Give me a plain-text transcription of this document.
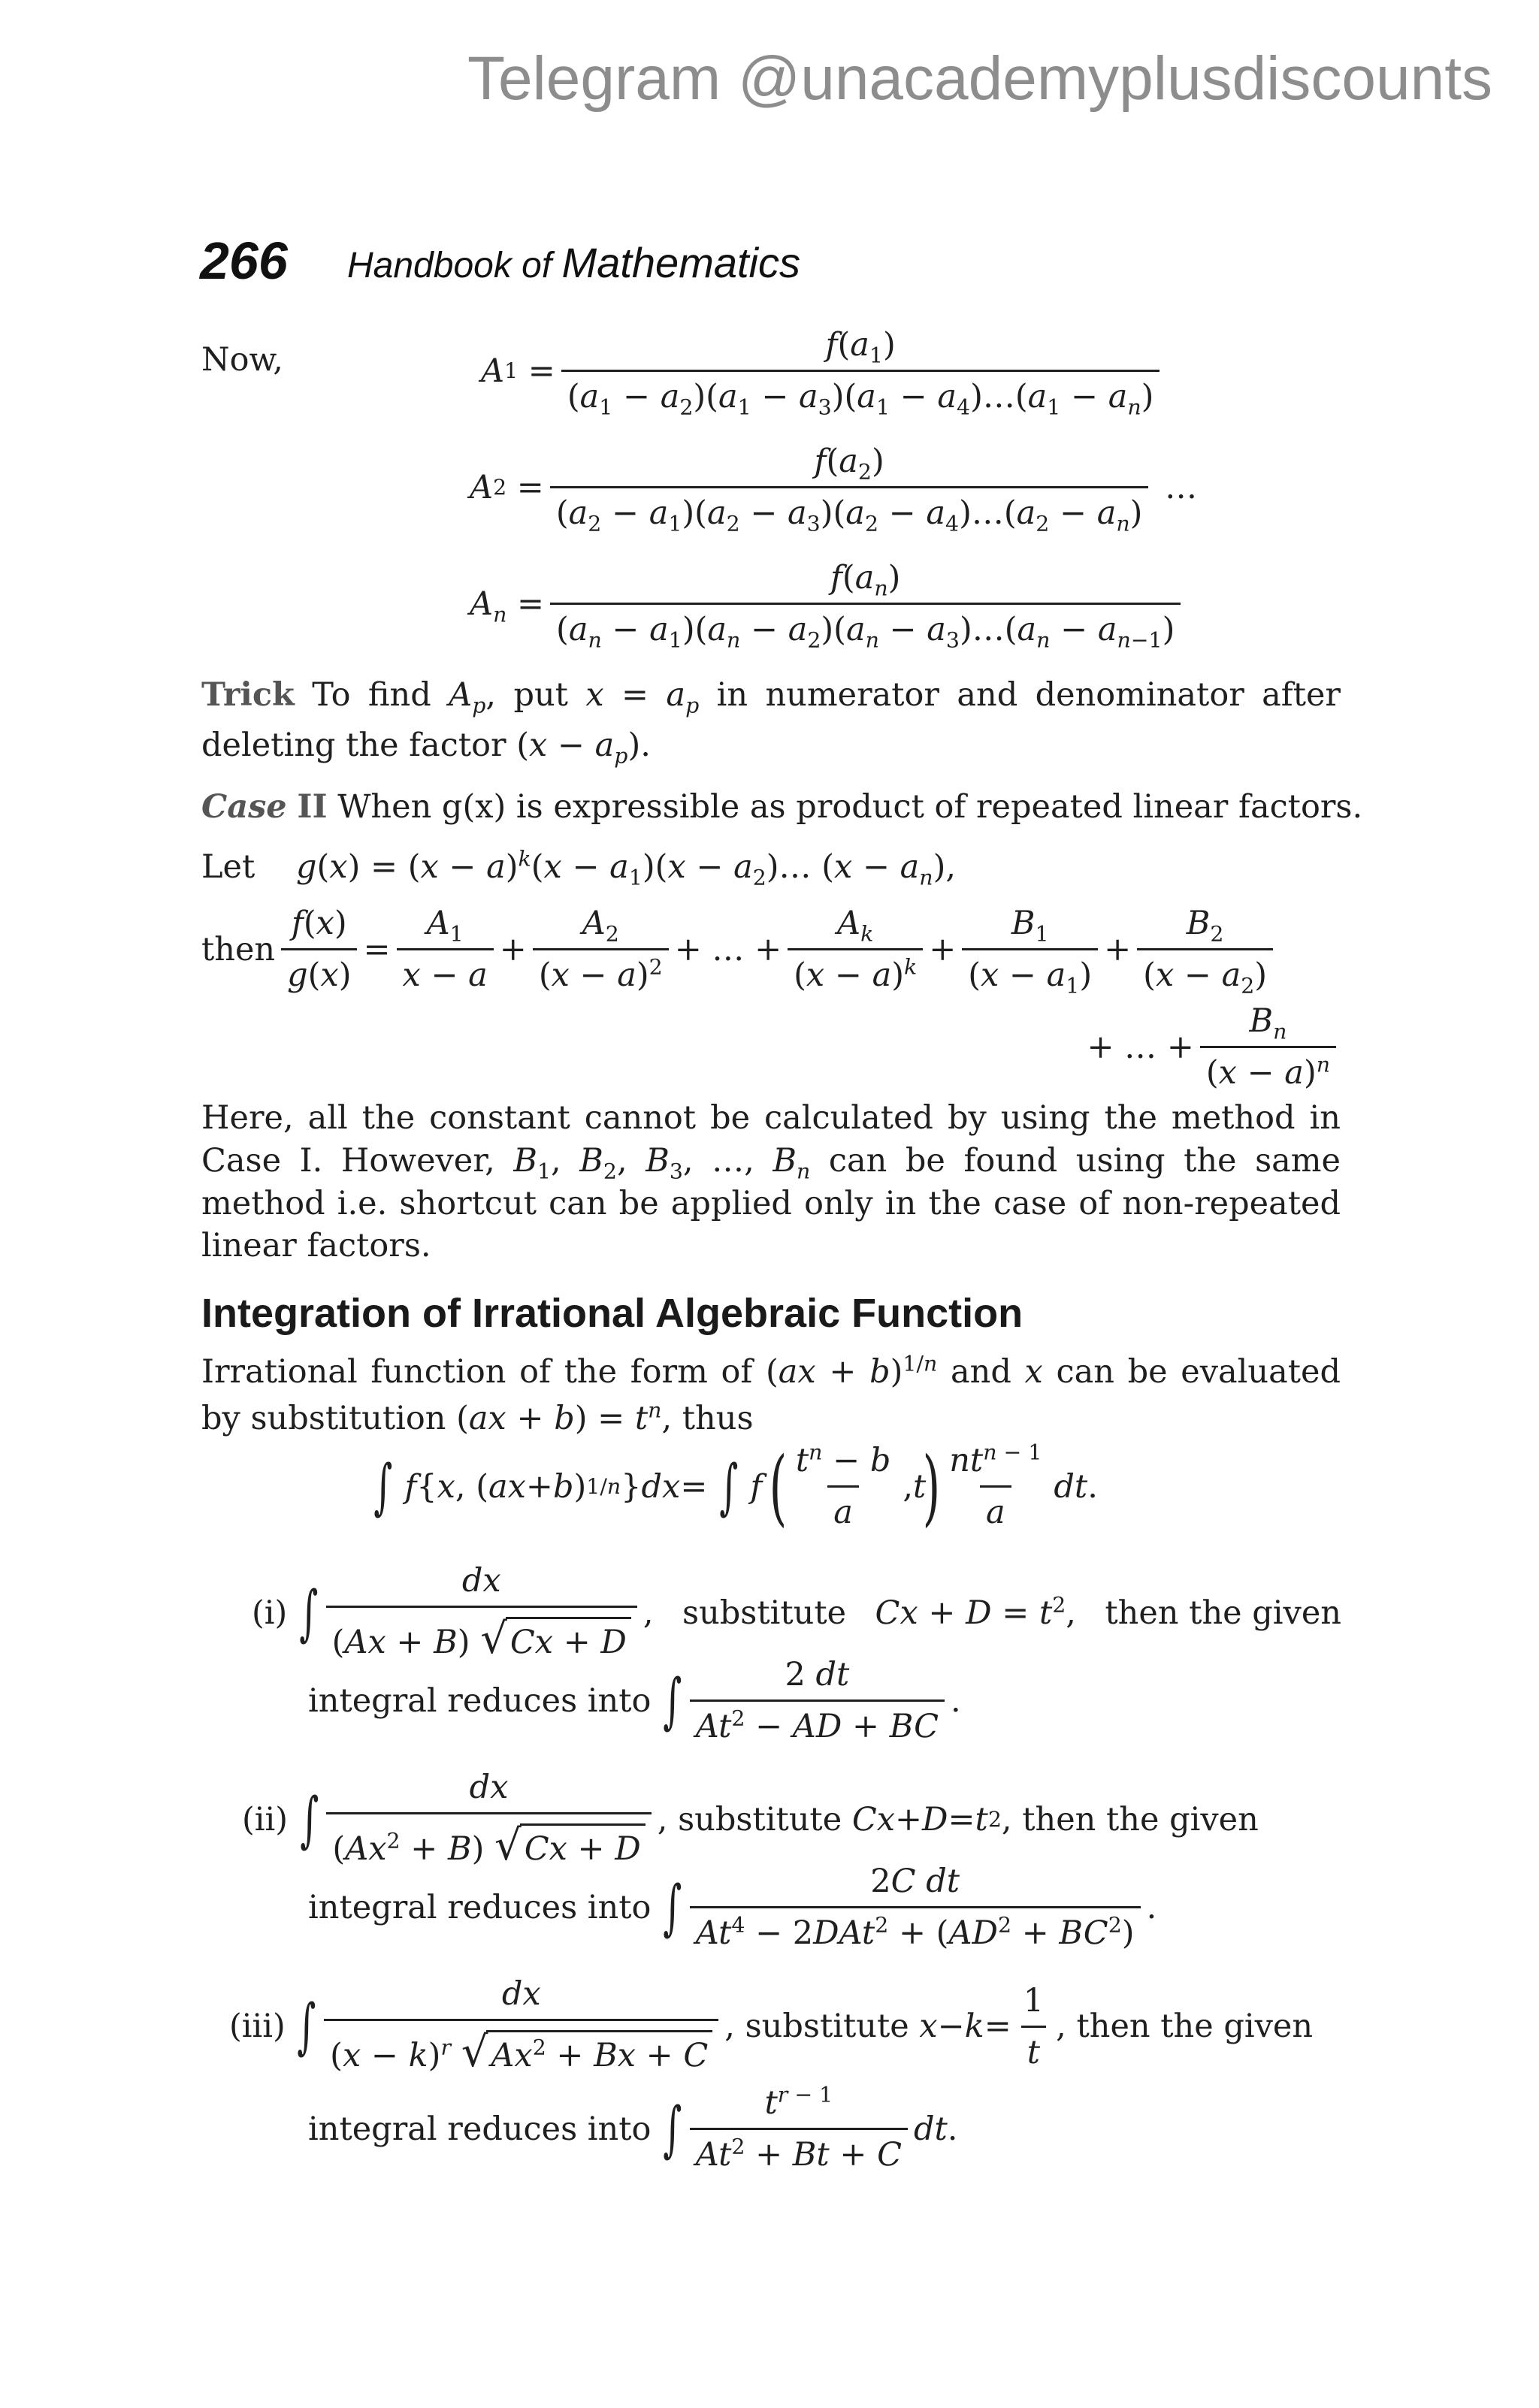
Telegram @unacademyplusdiscounts
266 Handbook of Mathematics
Now,	A $1 = \frac{f(a_1)}{(a_1 - a_2)(a_1 - a_3)(a_1 - a_4)\dots(a_1 - a_n)}$
A $2 = \frac{f(a_2)}{(a_2 - a_1)(a_2 - a_3)(a_2 - a_4)\dots(a_2 - a_n)}$ …
$A_n = \frac{f(a_n)}{(a_n - a_1)(a_n - a_2)(a_n - a_3)\dots(a_n - a_{n-1})}$
Trick To find $A_p$, put $x = a_p$ in numerator and denominator after deleting the factor $(x - a_p)$.
Case II When g(x) is expressible as product of repeated linear factors.
Let $g(x) = (x - a)^k(x - a_1)(x$ − $a_2)\dots$ $(x - a_n)$,
then $\frac{f(x)}{g(x)} = \frac{A_1}{x - a} + \frac{A_2}{(x - a)^2}$ + … + $\frac{A_k}{(x - a)^k} + \frac{B_1}{(x - a_1)} + \frac{B_2}{(x - a_2)}$
+ … + $\frac{B_n}{(x - a)^n}$
Here, all the constant cannot be calculated by using the method in Case I. However, $B_1$, $B_2$, $B_3$, …, $B_n$ can be found using the same method i.e. shortcut can be applied only in the case of non-repeated linear factors.
Integration of Irrational Algebraic Function
Irrational function of the form of (ax + b)$^{1/n}$ and x can be evaluated by substitution $(ax + b) = t^n$, thus
∫
f { x , ( ax + b ) 1/n } dx = ∫
f
( $\frac{t^n - b}{a}$ , t
) $\frac{nt^{n - 1}}{a}$ dt .
(i)
∫ $\frac{dx}{(Ax + B) √Cx + D}$ , substitute $Cx + D = t^2$, then the given
integral reduces into
∫ $\frac{2 dt}{At^2 - AD + BC}$ .
(ii)
∫ $\frac{dx}{(Ax^2 + B) √Cx + D}$ , substitute
Cx + D = t 2 , then the given
integral reduces into
∫ $\frac{\text{2C dt}}{At^4 - 2DAt^2 + (AD^2 + BC^2)}$ .
(iii)
∫ $\frac{dx}{(x - k)^r √Ax^2 + Bx + C}$ , substitute
$x - k = \frac{1}{t}$ , then the given
integral reduces into
∫ $\frac{t^{r - 1}}{At^2 + Bt + C}$ dt .
